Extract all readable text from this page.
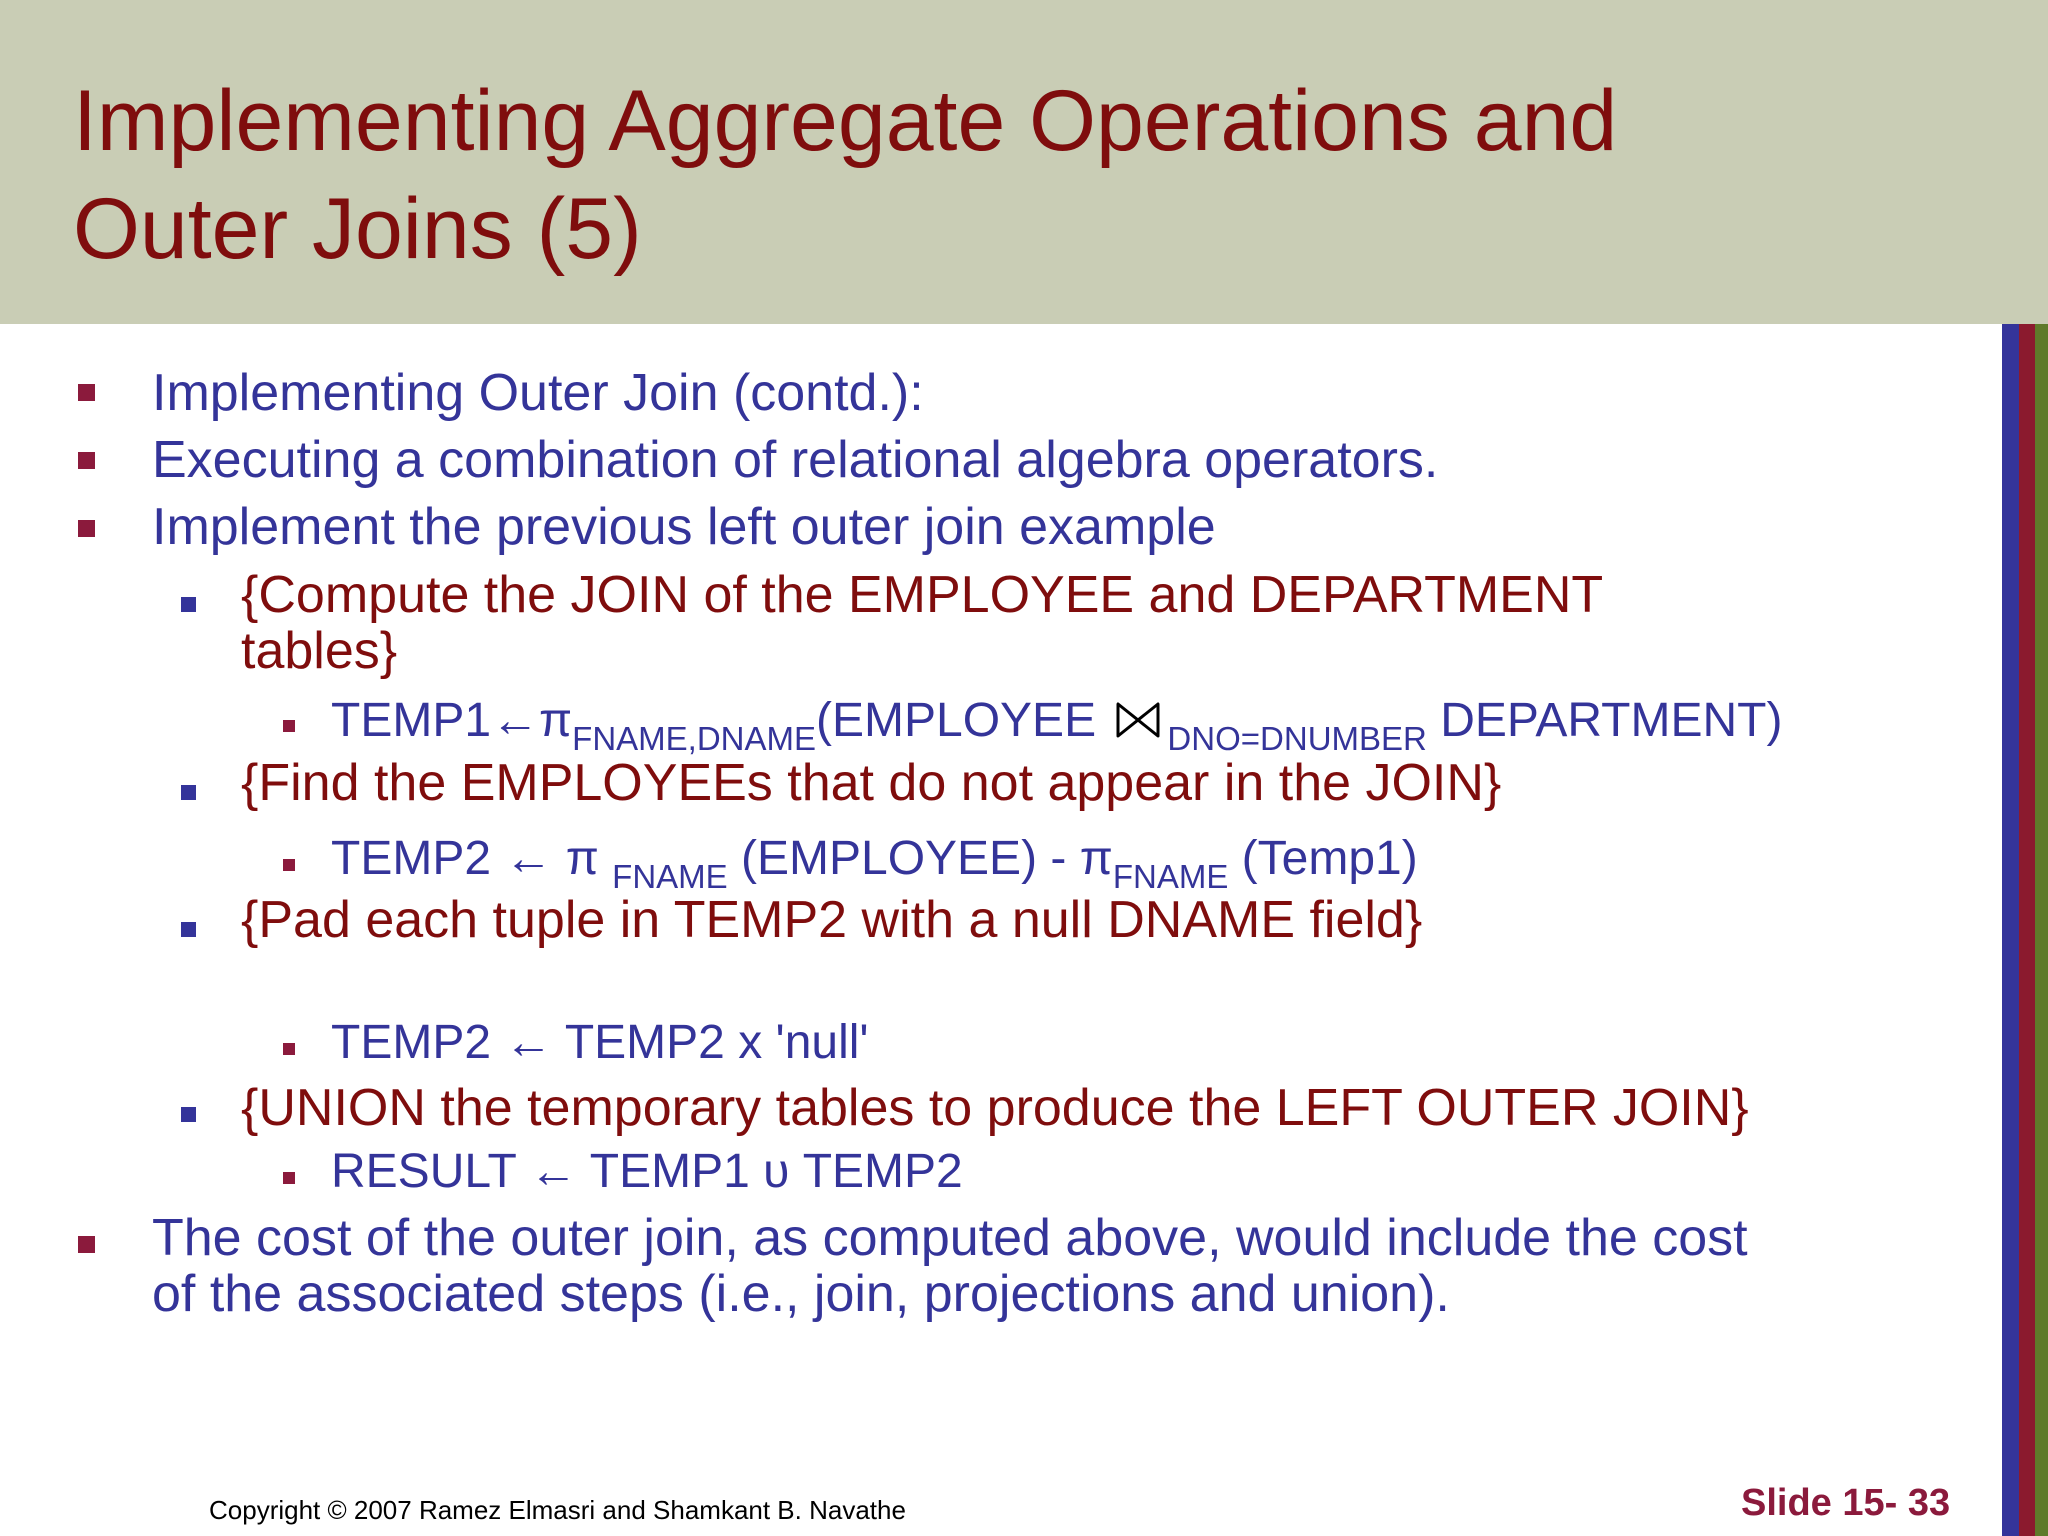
Implementing Aggregate Operations and
Outer Joins (5)
Implementing Outer Join (contd.):
Executing a combination of relational algebra operators.
Implement the previous left outer join example
{Compute the JOIN of the EMPLOYEE and DEPARTMENT
tables}
$TEMP1\leftarrow\pi_{FNAME,DNAME}(EMPLOYEE$ $_{DNO=DNUMBER}$ DEPARTMENT)
{Find the EMPLOYEEs that do not appear in the JOIN}
TEMP2 ← π $_{FNAME}$ (EMPLOYEE) - $\pi_{FNAME}$ (Temp1)
{Pad each tuple in TEMP2 with a null DNAME field}
TEMP2 ← TEMP2 x 'null'
{UNION the temporary tables to produce the LEFT OUTER JOIN}
RESULT ← TEMP1 υ TEMP2
The cost of the outer join, as computed above, would include the cost
of the associated steps (i.e., join, projections and union).
Copyright © 2007 Ramez Elmasri and Shamkant B. Navathe	Slide 15- 33
